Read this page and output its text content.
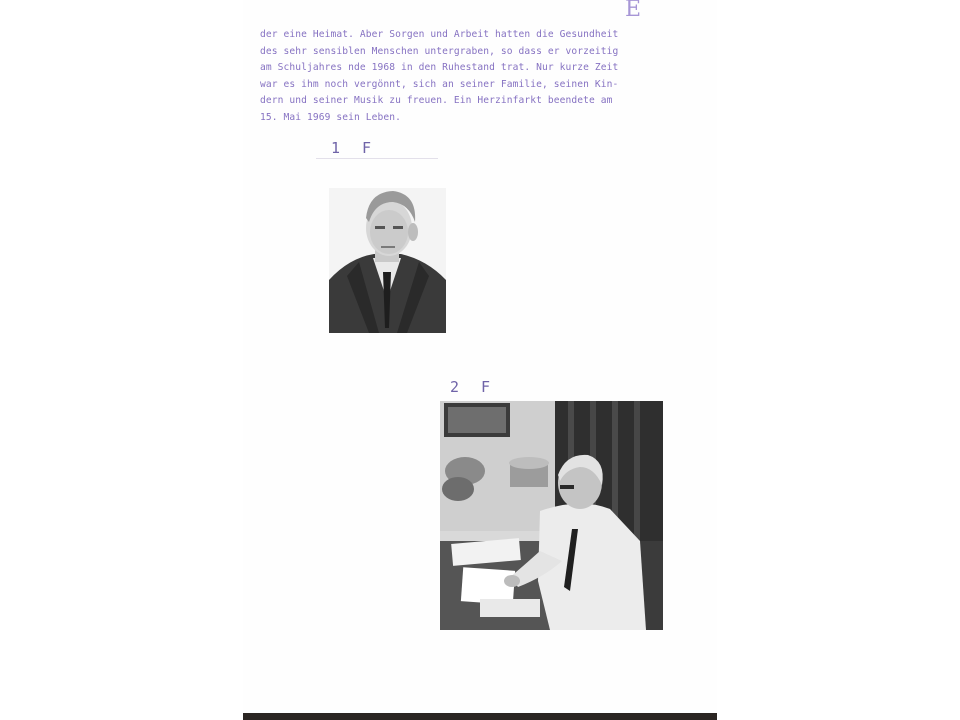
E
der eine Heimat. Aber Sorgen und Arbeit hatten die Gesundheit
des sehr sensiblen Menschen untergraben, so dass er vorzeitig
am Schuljahres nde 1968 in den Ruhestand trat. Nur kurze Zeit
war es ihm noch vergönnt, sich an seiner Familie, seinen Kin-
dern und seiner Musik zu freuen. Ein Herzinfarkt beendete am
15. Mai 1969 sein Leben.
1 F
2 F
